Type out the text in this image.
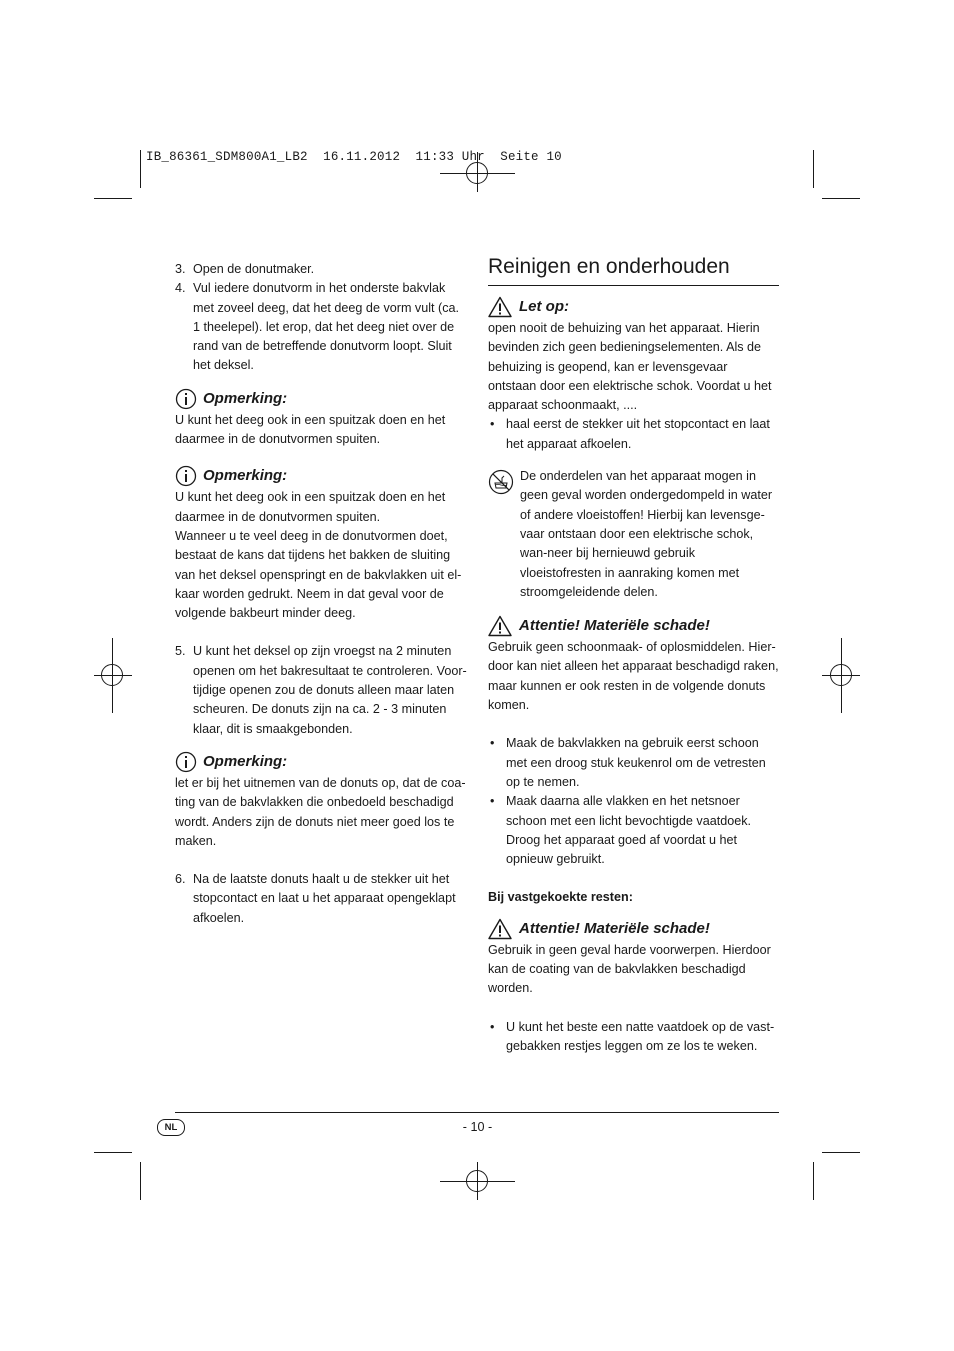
IB_86361_SDM800A1_LB2  16.11.2012  11:33 Uhr  Seite 10
3. Open de donutmaker.
4. Vul iedere donutvorm in het onderste bakvlak met zoveel deeg, dat het deeg de vorm vult (ca. 1 theelepel). let erop, dat het deeg niet over de rand van de betreffende donutvorm loopt. Sluit het deksel.
Opmerking:

U kunt het deeg ook in een spuitzak doen en het daarmee in de donutvormen spuiten.

Opmerking:

U kunt het deeg ook in een spuitzak doen en het daarmee in de donutvormen spuiten.

Wanneer u te veel deeg in de donutvormen doet, bestaat de kans dat tijdens het bakken de sluiting van het deksel openspringt en de bakvlakken uit el-kaar worden gedrukt. Neem in dat geval voor de volgende bakbeurt minder deeg.

5. U kunt het deksel op zijn vroegst na 2 minuten openen om het bakresultaat te controleren. Voor-tijdige openen zou de donuts alleen maar laten scheuren. De donuts zijn na ca. 2 - 3 minuten klaar, dit is smaakgebonden.
Opmerking:

let er bij het uitnemen van de donuts op, dat de coa-ting van de bakvlakken die onbedoeld beschadigd wordt. Anders zijn de donuts niet meer goed los te maken.

6. Na de laatste donuts haalt u de stekker uit het stopcontact en laat u het apparaat opengeklapt afkoelen.
Reinigen en onderhouden
Let op:

open nooit de behuizing van het apparaat. Hierin bevinden zich geen bedieningselementen. Als de behuizing is geopend, kan er levensgevaar ontstaan door een elektrische schok. Voordat u het apparaat schoonmaakt, ....

• haal eerst de stekker uit het stopcontact en laat het apparaat afkoelen.

De onderdelen van het apparaat mogen in geen geval worden ondergedompeld in water of andere vloeistoffen! Hierbij kan levensge-vaar ontstaan door een elektrische schok, wan-neer bij hernieuwd gebruik vloeistofresten in aanraking komen met stroomgeleidende delen.

Attentie! Materiële schade!

Gebruik geen schoonmaak- of oplosmiddelen. Hier-door kan niet alleen het apparaat beschadigd raken, maar kunnen er ook resten in de volgende donuts komen.

• Maak de bakvlakken na gebruik eerst schoon met een droog stuk keukenrol om de vetresten op te nemen.
• Maak daarna alle vlakken en het netsnoer schoon met een licht bevochtigde vaatdoek. Droog het apparaat goed af voordat u het opnieuw gebruikt.

Bij vastgekoekte resten:

Attentie! Materiële schade!

Gebruik in geen geval harde voorwerpen. Hierdoor kan de coating van de bakvlakken beschadigd worden.

• U kunt het beste een natte vaatdoek op de vast-gebakken restjes leggen om ze los te weken.
NL	- 10 -
